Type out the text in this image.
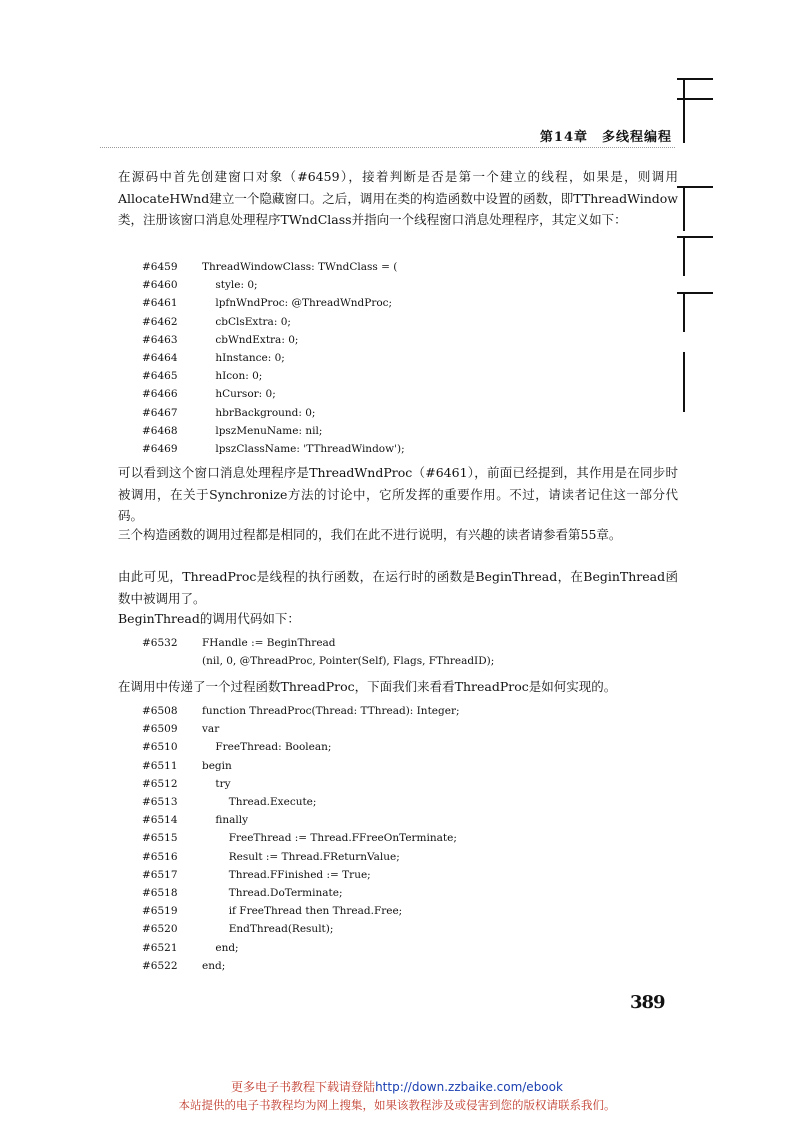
第14章　多线程编程
在源码中首先创建窗口对象（#6459），接着判断是否是第一个建立的线程，如果是，则调用AllocateHWnd建立一个隐藏窗口。之后，调用在类的构造函数中设置的函数，即TThreadWindow类，注册该窗口消息处理程序TWndClass并指向一个线程窗口消息处理程序，其定义如下：
#6459 ThreadWindowClass: TWndClass = (
#6460    style: 0;
#6461    lpfnWndProc: @ThreadWndProc;
#6462    cbClsExtra: 0;
#6463    cbWndExtra: 0;
#6464    hInstance: 0;
#6465    hIcon: 0;
#6466    hCursor: 0;
#6467    hbrBackground: 0;
#6468    lpszMenuName: nil;
#6469    lpszClassName: 'TThreadWindow');
可以看到这个窗口消息处理程序是ThreadWndProc（#6461），前面已经提到，其作用是在同步时被调用，在关于Synchronize方法的讨论中，它所发挥的重要作用。不过，请读者记住这一部分代码。
三个构造函数的调用过程都是相同的，我们在此不进行说明，有兴趣的读者请参看第55章。
由此可见，ThreadProc是线程的执行函数，在运行时的函数是BeginThread，在BeginThread函数中被调用了。
BeginThread的调用代码如下：
#6532 FHandle := BeginThread
(nil, 0, @ThreadProc, Pointer(Self), Flags, FThreadID);
在调用中传递了一个过程函数ThreadProc，下面我们来看看ThreadProc是如何实现的。
#6508 function ThreadProc(Thread: TThread): Integer;
#6509 var
#6510    FreeThread: Boolean;
#6511 begin
#6512    try
#6513        Thread.Execute;
#6514    finally
#6515        FreeThread := Thread.FFreeOnTerminate;
#6516        Result := Thread.FReturnValue;
#6517        Thread.FFinished := True;
#6518        Thread.DoTerminate;
#6519        if FreeThread then Thread.Free;
#6520        EndThread(Result);
#6521    end;
#6522 end;
389
更多电子书教程下载请登陆http://down.zzbaike.com/ebook
本站提供的电子书教程均为网上搜集，如果该教程涉及或侵害到您的版权请联系我们。
